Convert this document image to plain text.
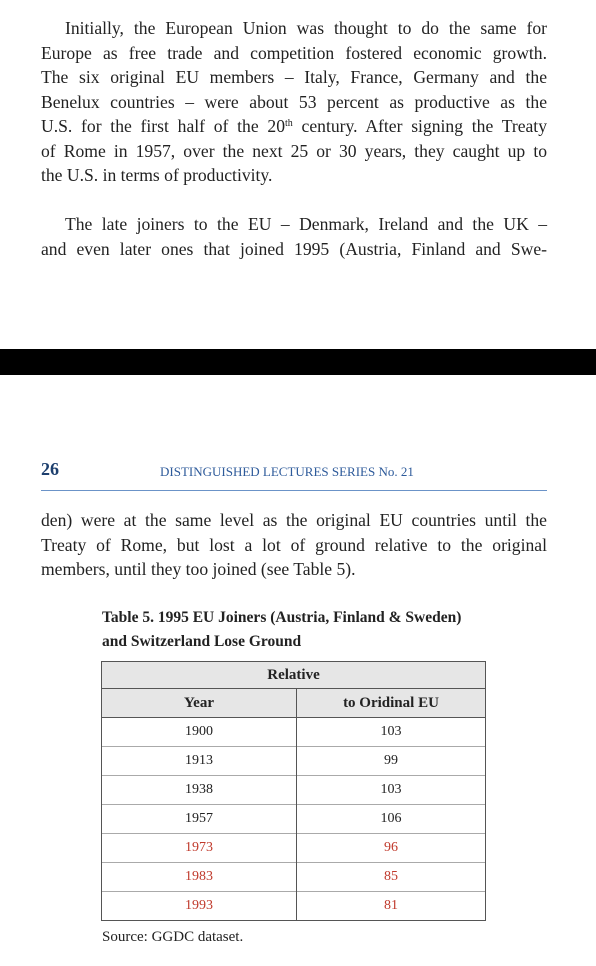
Initially, the European Union was thought to do the same for
Europe as free trade and competition fostered economic growth.
The six original EU members – Italy, France, Germany and the
Benelux countries – were about 53 percent as productive as the
U.S. for the first half of the 20th century. After signing the Treaty
of Rome in 1957, over the next 25 or 30 years, they caught up to
the U.S. in terms of productivity.
The late joiners to the EU – Denmark, Ireland and the UK –
and even later ones that joined 1995 (Austria, Finland and Swe-
26	DISTINGUISHED LECTURES SERIES No. 21
den) were at the same level as the original EU countries until the
Treaty of Rome, but lost a lot of ground relative to the original
members, until they too joined (see Table 5).
Table 5. 1995 EU Joiners (Austria, Finland & Sweden)
and Switzerland Lose Ground
Relative	
Year	to Oridinal EU
1900	103
1913	99
1938	103
1957	106
1973	96
1983	85
1993	81
Source: GGDC dataset.
